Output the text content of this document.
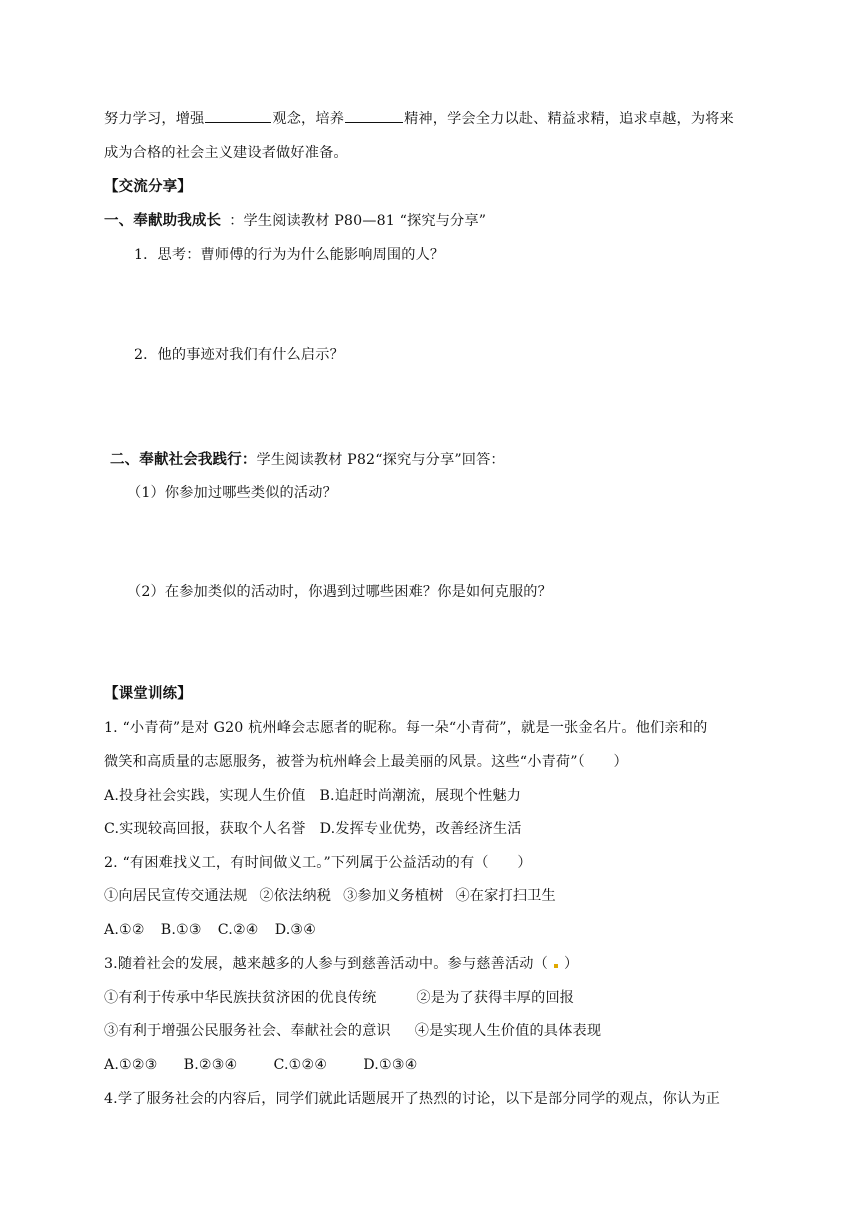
努力学习，增强	观念，培养	精神，学会全力以赴、精益求精，追求卓越，为将来
成为合格的社会主义建设者做好准备。
【交流分享】
一、奉献助我成长 ：学生阅读教材 P80—81 “探究与分享”
1．思考：曹师傅的行为为什么能影响周围的人？
2．他的事迹对我们有什么启示？
二、奉献社会我践行：学生阅读教材 P82“探究与分享”回答：
（1）你参加过哪些类似的活动？
（2）在参加类似的活动时，你遇到过哪些困难？你是如何克服的？
【课堂训练】
1. “小青荷”是对 G20 杭州峰会志愿者的昵称。每一朵“小青荷”，就是一张金名片。他们亲和的
微笑和高质量的志愿服务，被誉为杭州峰会上最美丽的风景。这些“小青荷”（　　）
A.投身社会实践，实现人生价值 B.追赶时尚潮流，展现个性魅力
C.实现较高回报，获取个人名誉 D.发挥专业优势，改善经济生活
2. “有困难找义工，有时间做义工。”下列属于公益活动的有（　　）
①向居民宣传交通法规 ②依法纳税 ③参加义务植树 ④在家打扫卫生
A.①② B.①③ C.②④ D.③④
3.随着社会的发展，越来越多的人参与到慈善活动中。参与慈善活动（ ）
①有利于传承中华民族扶贫济困的优良传统	②是为了获得丰厚的回报
③有利于增强公民服务社会、奉献社会的意识 ④是实现人生价值的具体表现
A.①②③ B.②③④	C.①②④	D.①③④
4.学了服务社会的内容后，同学们就此话题展开了热烈的讨论，以下是部分同学的观点，你认为正
